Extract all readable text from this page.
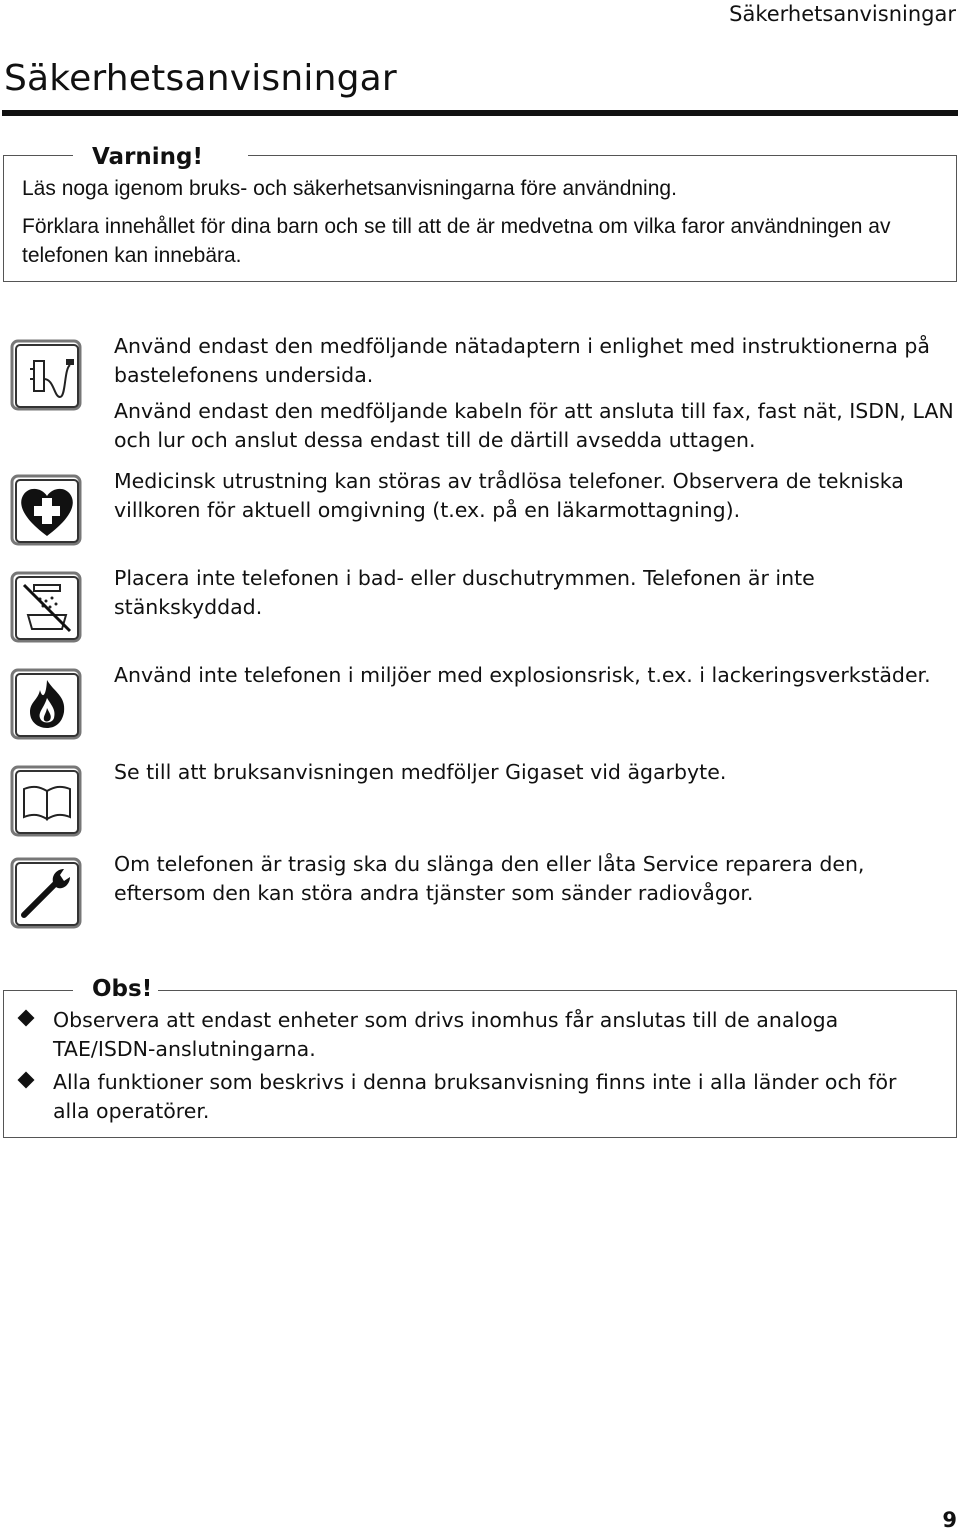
Säkerhetsanvisningar
Säkerhetsanvisningar
Varning!

Läs noga igenom bruks- och säkerhetsanvisningarna före användning.

Förklara innehållet för dina barn och se till att de är medvetna om vilka faror användningen av telefonen kan innebära.

Använd endast den medföljande nätadaptern i enlighet med instruktionerna på bastelefonens undersida.

Använd endast den medföljande kabeln för att ansluta till fax, fast nät, ISDN, LAN och lur och anslut dessa endast till de därtill avsedda uttagen.

Medicinsk utrustning kan störas av trådlösa telefoner. Observera de tekniska villkoren för aktuell omgivning (t.ex. på en läkarmottagning).

Placera inte telefonen i bad- eller duschutrymmen. Telefonen är inte stänkskyddad.

Använd inte telefonen i miljöer med explosionsrisk, t.ex. i lackeringsverkstäder.

Se till att bruksanvisningen medföljer Gigaset vid ägarbyte.

Om telefonen är trasig ska du slänga den eller låta Service reparera den, eftersom den kan störa andra tjänster som sänder radiovågor.

Obs!

Observera att endast enheter som drivs inomhus får anslutas till de analoga TAE/ISDN-anslutningarna.

Alla funktioner som beskrivs i denna bruksanvisning finns inte i alla länder och för alla operatörer.

9
